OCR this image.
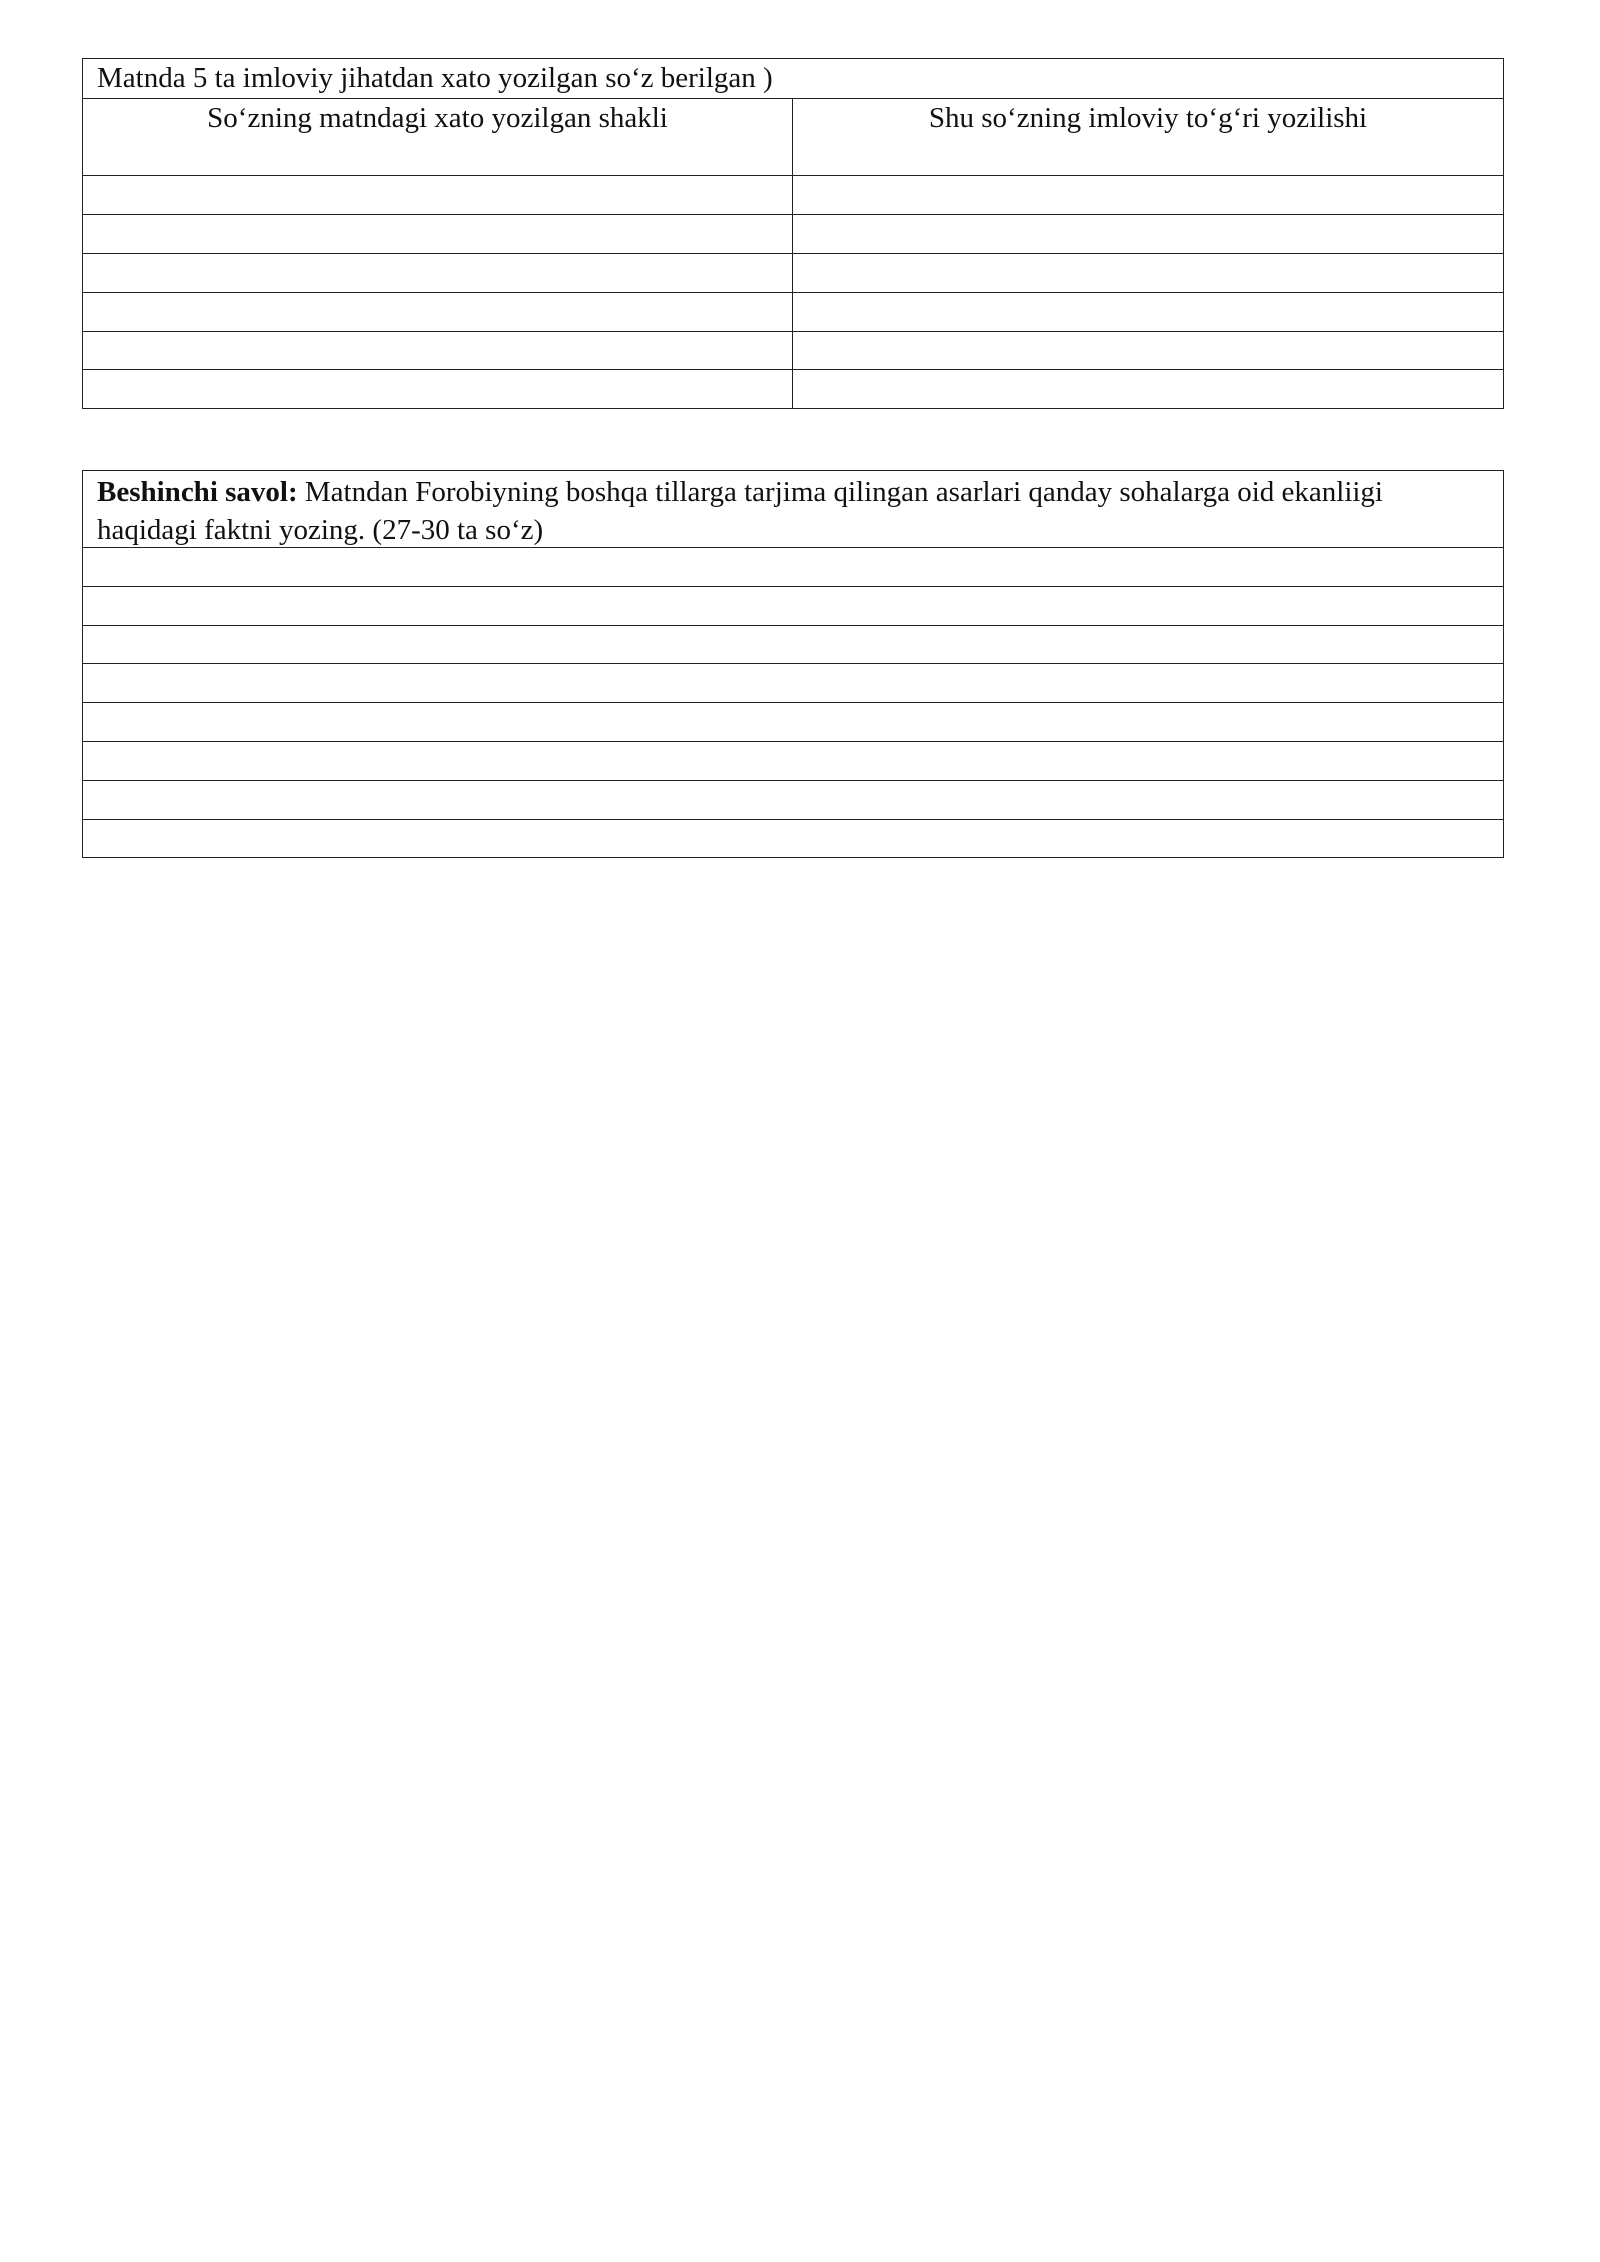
Matnda 5 ta imloviy jihatdan xato yozilgan so‘z berilgan )
So‘zning matndagi xato yozilgan shakli	Shu so‘zning imloviy to‘g‘ri yozilishi
Beshinchi savol: Matndan Forobiyning boshqa tillarga tarjima qilingan asarlari qanday sohalarga oid ekanliigi haqidagi faktni yozing. (27-30 ta so‘z)
